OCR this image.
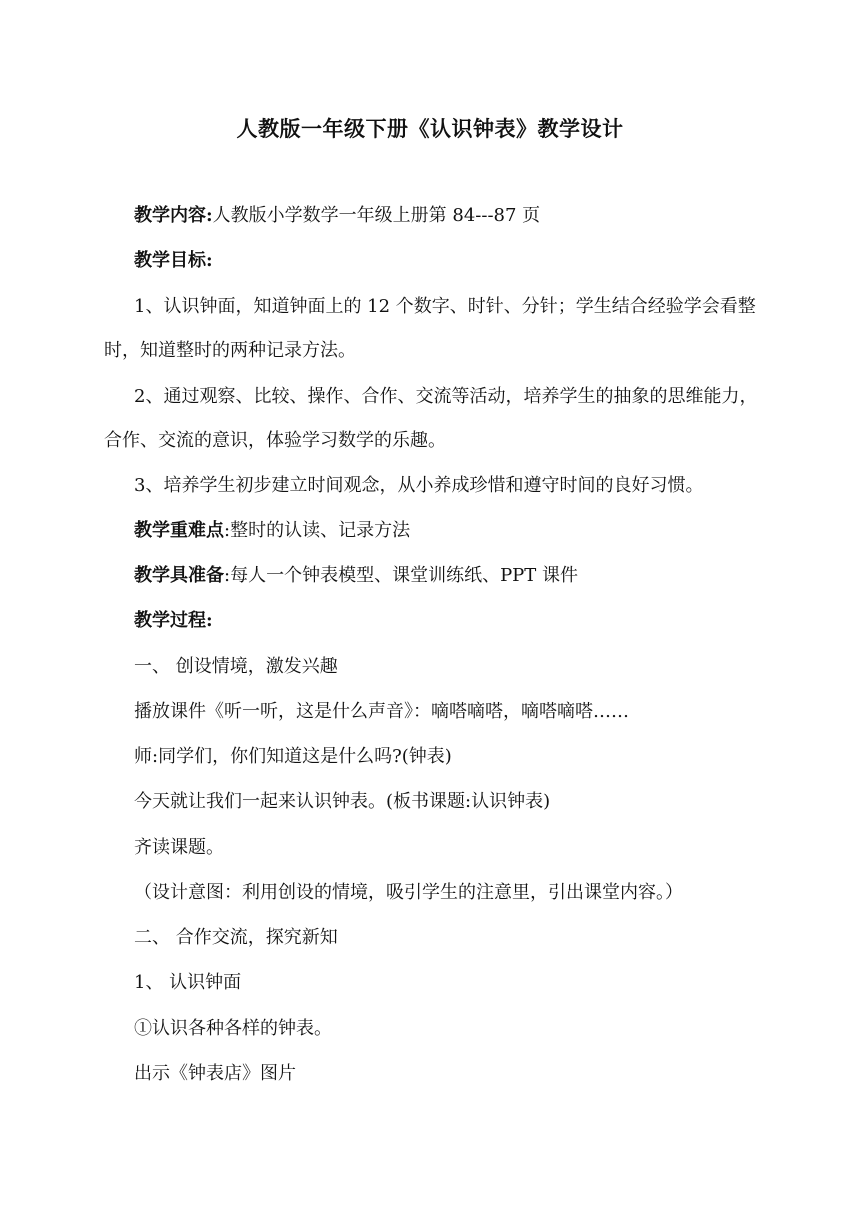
人教版一年级下册《认识钟表》教学设计

教学内容:人教版小学数学一年级上册第 84---87 页

教学目标:

1、认识钟面，知道钟面上的 12 个数字、时针、分针；学生结合经验学会看整时，知道整时的两种记录方法。

2、通过观察、比较、操作、合作、交流等活动，培养学生的抽象的思维能力，合作、交流的意识，体验学习数学的乐趣。

3、培养学生初步建立时间观念，从小养成珍惜和遵守时间的良好习惯。

教学重难点:整时的认读、记录方法

教学具准备:每人一个钟表模型、课堂训练纸、PPT 课件

教学过程:

一、 创设情境，激发兴趣

播放课件《听一听，这是什么声音》：嘀嗒嘀嗒，嘀嗒嘀嗒……

师:同学们，你们知道这是什么吗?(钟表)

今天就让我们一起来认识钟表。(板书课题:认识钟表)

齐读课题。

（设计意图：利用创设的情境，吸引学生的注意里，引出课堂内容。）

二、 合作交流，探究新知

1、 认识钟面

①认识各种各样的钟表。

出示《钟表店》图片
